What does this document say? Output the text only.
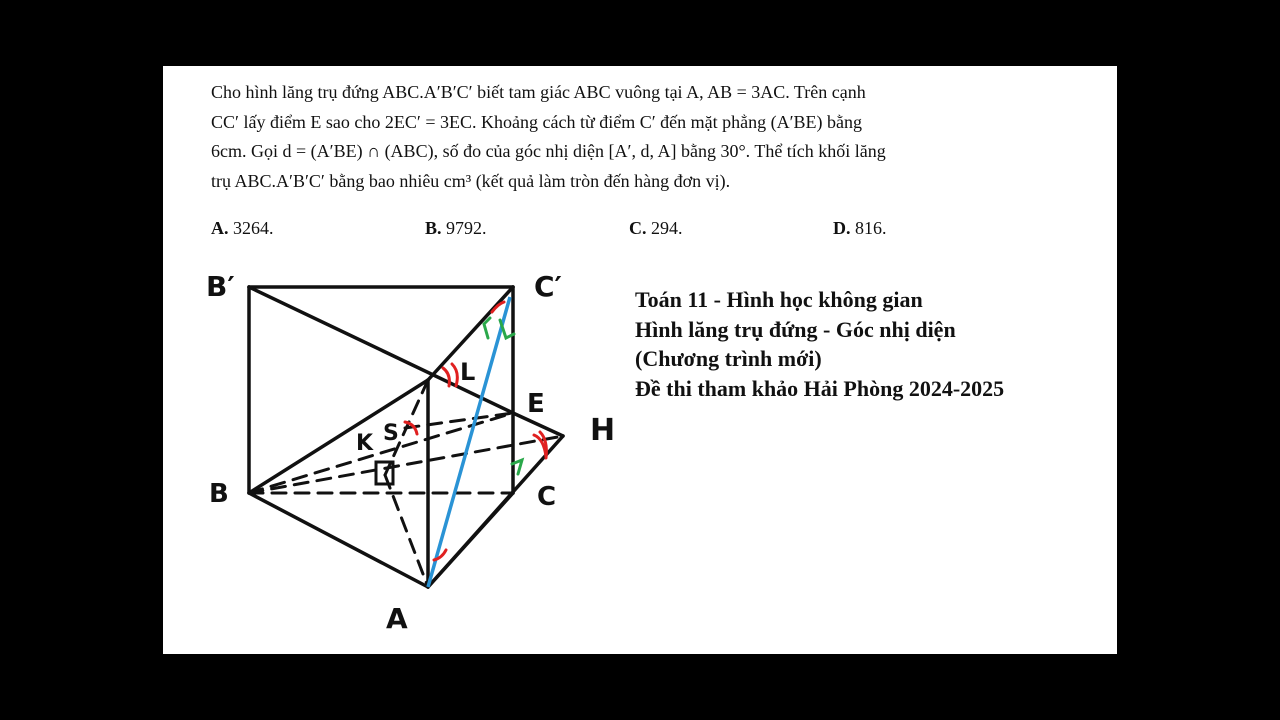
Cho hình lăng trụ đứng ABC.A′B′C′ biết tam giác ABC vuông tại A, AB = 3AC. Trên cạnh

CC′ lấy điểm E sao cho 2EC′ = 3EC. Khoảng cách từ điểm C′ đến mặt phẳng (A′BE) bằng

6cm. Gọi d = (A′BE) ∩ (ABC), số đo của góc nhị diện [A′, d, A] bằng 30°. Thể tích khối lăng

trụ ABC.A′B′C′ bằng bao nhiêu cm³ (kết quả làm tròn đến hàng đơn vị).

A. 3264.	B. 9792.	C. 294.	D. 816.
Toán 11 - Hình học không gian
Hình lăng trụ đứng - Góc nhị diện
(Chương trình mới)
Đề thi tham khảo Hải Phòng 2024-2025
B′	C′
E
H
B	C
A
K S
L
